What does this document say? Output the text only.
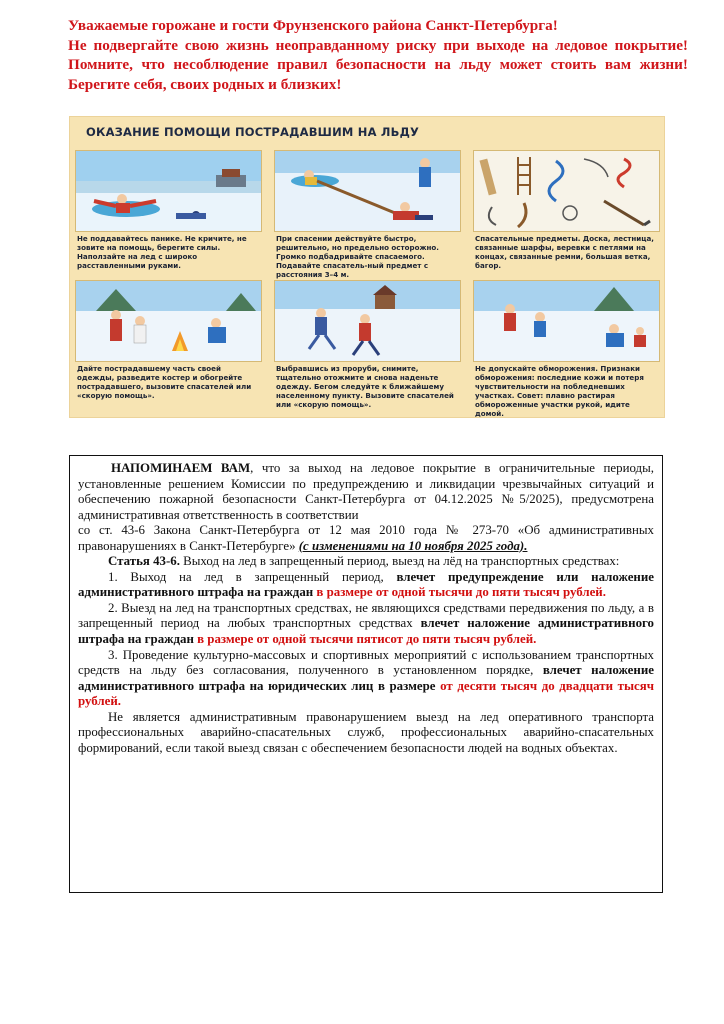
Уважаемые горожане и гости Фрунзенского района Санкт-Петербурга!

Не подвергайте свою жизнь неоправданному риску при выходе на ледовое покрытие! Помните, что несоблюдение правил безопасности на льду может стоить вам жизни! Берегите себя, своих родных и близких!

ОКАЗАНИЕ ПОМОЩИ ПОСТРАДАВШИМ НА ЛЬДУ
Не поддавайтесь панике. Не кричите, не зовите на помощь, берегите силы. Наползайте на лед с широко расставленными руками.
При спасении действуйте быстро, решительно, но предельно осторожно. Громко подбадривайте спасаемого. Подавайте спасатель-ный предмет с расстояния 3–4 м.
Спасательные предметы. Доска, лестница, связанные шарфы, веревки с петлями на концах, связанные ремни, большая ветка, багор.
Дайте пострадавшему часть своей одежды, разведите костер и обогрейте пострадавшего, вызовите спасателей или «скорую помощь».
Выбравшись из проруби, снимите, тщательно отожмите и снова наденьте одежду. Бегом следуйте к ближайшему населенному пункту. Вызовите спасателей или «скорую помощь».
Не допускайте обморожения. Признаки обморожения: последние кожи и потеря чувствительности на побледневших участках. Совет: плавно растирая обмороженные участки рукой, идите домой.

НАПОМИНАЕМ ВАМ, что за выход на ледовое покрытие в ограничительные периоды, установленные решением Комиссии по предупреждению и ликвидации чрезвычайных ситуаций и обеспечению пожарной безопасности Санкт-Петербурга от 04.12.2025 №5/2025), предусмотрена административная ответственность в соответствии

со ст. 43-6 Закона Санкт-Петербурга от 12 мая 2010 года № 273-70 «Об административных правонарушениях в Санкт-Петербурге» (с изменениями на 10 ноября 2025 года).

Статья 43-6. Выход на лед в запрещенный период, выезд на лёд на транспортных средствах:

1. Выход на лед в запрещенный период, влечет предупреждение или наложение административного штрафа на граждан в размере от одной тысячи до пяти тысяч рублей.

2. Выезд на лед на транспортных средствах, не являющихся средствами передвижения по льду, а в запрещенный период на любых транспортных средствах влечет наложение административного штрафа на граждан в размере от одной тысячи пятисот до пяти тысяч рублей.

3. Проведение культурно-массовых и спортивных мероприятий с использованием транспортных средств на льду без согласования, полученного в установленном порядке, влечет наложение административного штрафа на юридических лиц в размере от десяти тысяч до двадцати тысяч рублей.

Не является административным правонарушением выезд на лед оперативного транспорта профессиональных аварийно-спасательных служб, профессиональных аварийно-спасательных формирований, если такой выезд связан с обеспечением безопасности людей на водных объектах.
